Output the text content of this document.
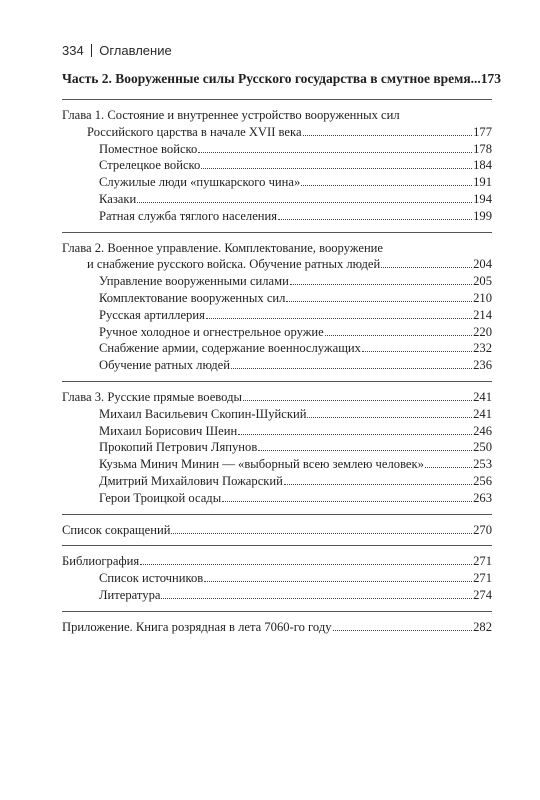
334 Оглавление
Часть 2. Вооруженные силы Русского государства в смутное время... 173
Глава 1. Состояние и внутреннее устройство вооруженных сил
Российского царства в начале XVII века	177
Поместное войско	178
Стрелецкое войско	184
Служилые люди «пушкарского чина»	191
Казаки	194
Ратная служба тяглого населения	199
Глава 2. Военное управление. Комплектование, вооружение
и снабжение русского войска. Обучение ратных людей	204
Управление вооруженными силами	205
Комплектование вооруженных сил	210
Русская артиллерия	214
Ручное холодное и огнестрельное оружие	220
Снабжение армии, содержание военнослужащих	232
Обучение ратных людей	236
Глава 3. Русские прямые воеводы	241
Михаил Васильевич Скопин-Шуйский	241
Михаил Борисович Шеин	246
Прокопий Петрович Ляпунов	250
Кузьма Минич Минин — «выборный всею землею человек»	253
Дмитрий Михайлович Пожарский	256
Герои Троицкой осады	263
Список сокращений	270
Библиография	271
Список источников	271
Литература	274
Приложение. Книга розрядная в лета 7060-го году	282
